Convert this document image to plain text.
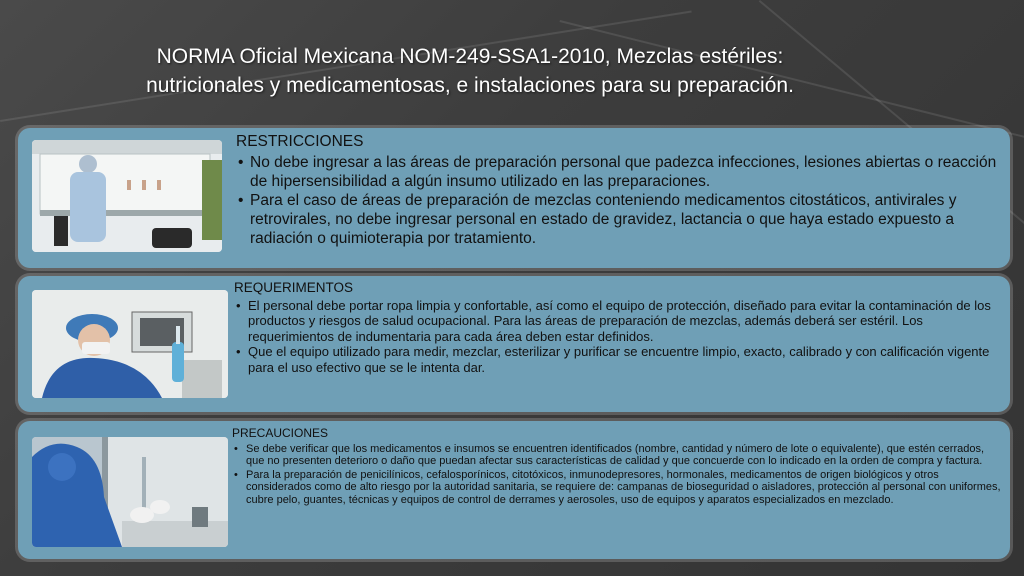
NORMA Oficial Mexicana NOM-249-SSA1-2010, Mezclas estériles:
nutricionales y medicamentosas, e instalaciones para su preparación.
RESTRICCIONES
• No debe ingresar a las áreas de preparación personal que padezca infecciones, lesiones abiertas o reacción de hipersensibilidad a algún insumo utilizado en las preparaciones.
• Para el caso de áreas de preparación de mezclas conteniendo medicamentos citostáticos, antivirales y retrovirales, no debe ingresar personal en estado de gravidez, lactancia o que haya estado expuesto a radiación o quimioterapia por tratamiento.
REQUERIMENTOS
• El personal debe portar ropa limpia y confortable, así como el equipo de protección, diseñado para evitar la contaminación de los productos y riesgos de salud ocupacional. Para las áreas de preparación de mezclas, además deberá ser estéril. Los requerimientos de indumentaria para cada área deben estar definidos.
• Que el equipo utilizado para medir, mezclar, esterilizar y purificar se encuentre limpio, exacto, calibrado y con calificación vigente para el uso efectivo que se le intenta dar.
PRECAUCIONES
• Se debe verificar que los medicamentos e insumos se encuentren identificados (nombre, cantidad y número de lote o equivalente), que estén cerrados, que no presenten deterioro o daño que puedan afectar sus características de calidad y que concuerde con lo indicado en la orden de compra y factura.
• Para la preparación de penicilínicos, cefalosporínicos, citotóxicos, inmunodepresores, hormonales, medicamentos de origen biológicos y otros considerados como de alto riesgo por la autoridad sanitaria, se requiere de: campanas de bioseguridad o aisladores, protección al personal con uniformes, cubre pelo, guantes, técnicas y equipos de control de derrames y aerosoles, uso de equipos y aparatos especializados en mezclado.
